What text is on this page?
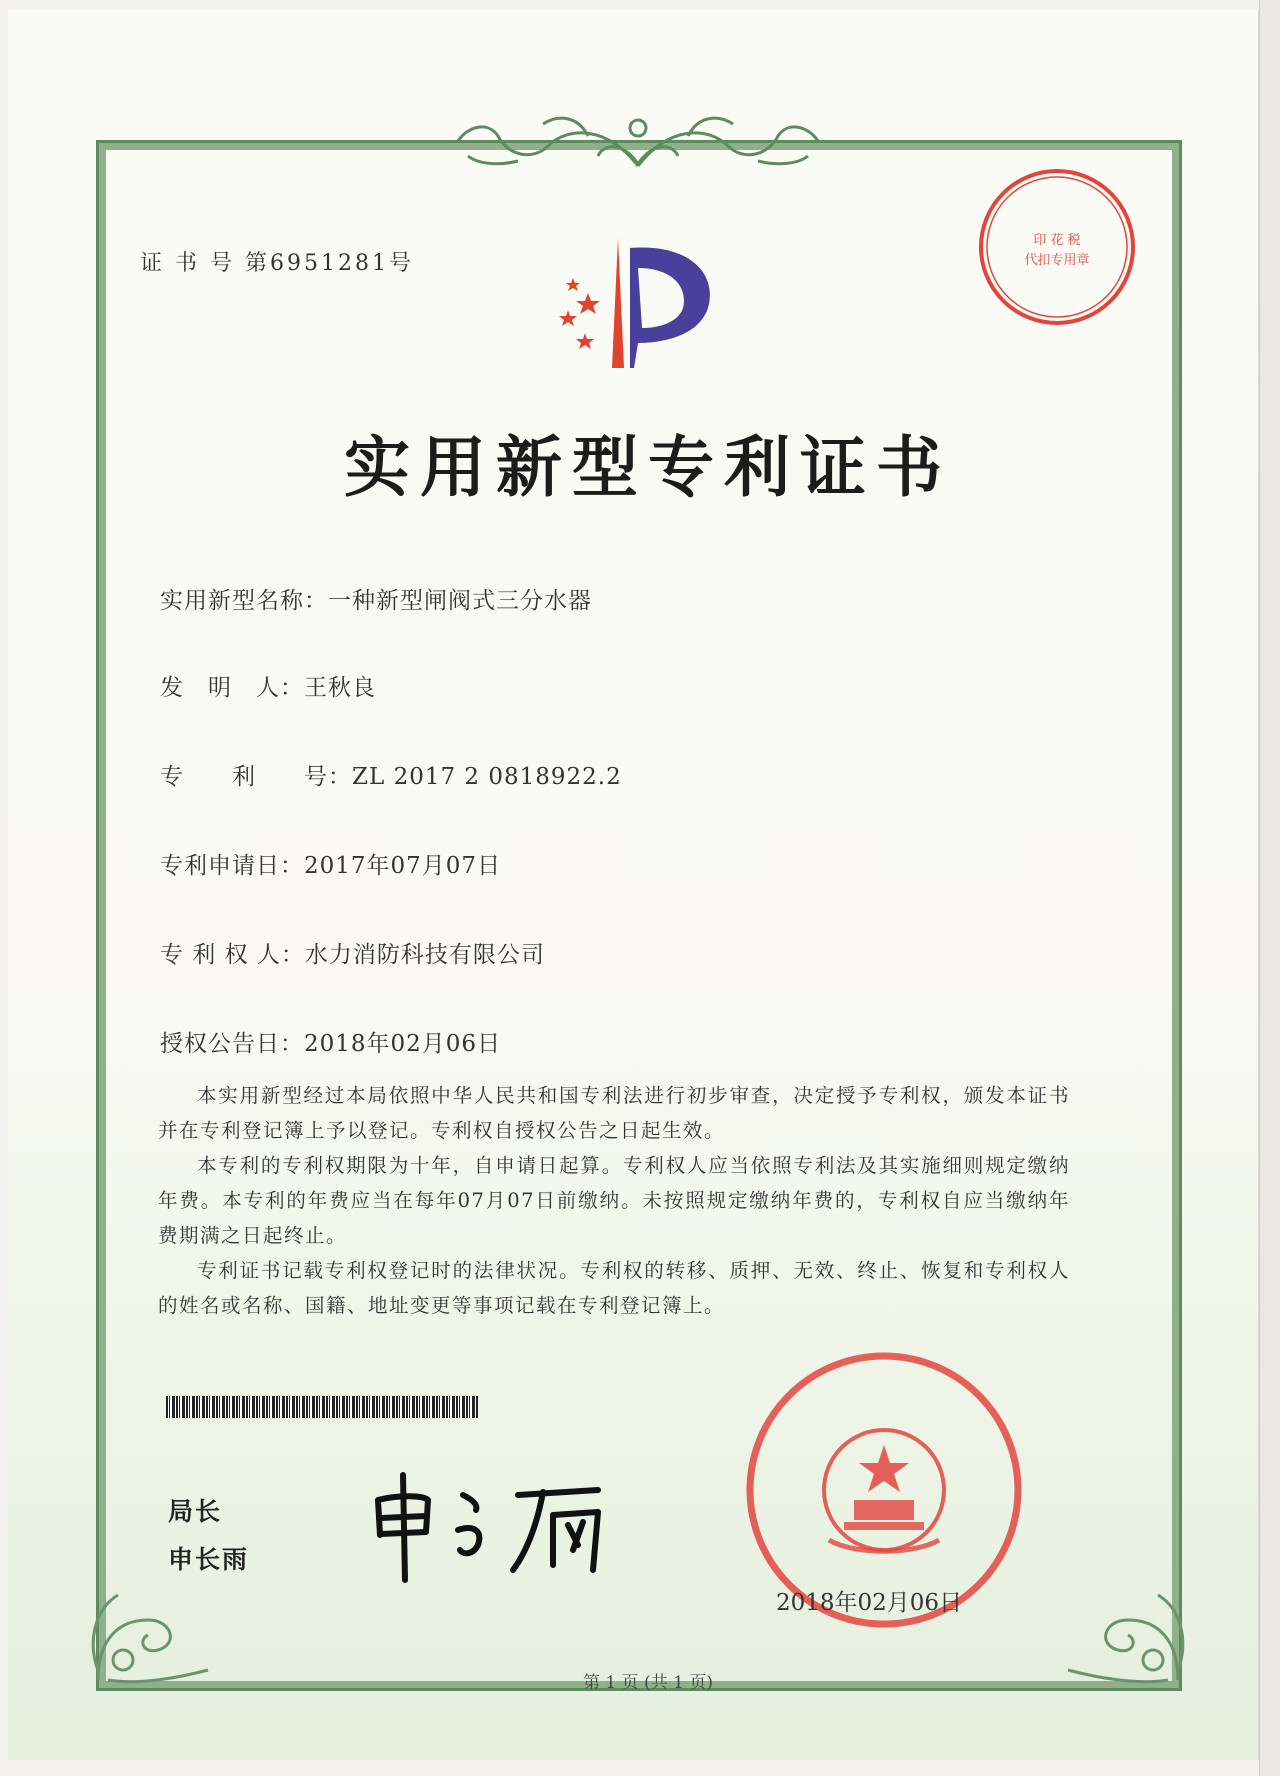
证 书 号 第6951281号
印 花 税
代扣专用章
实用新型专利证书
实用新型名称：一种新型闸阀式三分水器
发　明　人：王秋良
专　　利　　号：ZL 2017 2 0818922.2
专利申请日：2017年07月07日
专 利 权 人：水力消防科技有限公司
授权公告日：2018年02月06日

本实用新型经过本局依照中华人民共和国专利法进行初步审查，决定授予专利权，颁发本证书并在专利登记簿上予以登记。专利权自授权公告之日起生效。

本专利的专利权期限为十年，自申请日起算。专利权人应当依照专利法及其实施细则规定缴纳年费。本专利的年费应当在每年07月07日前缴纳。未按照规定缴纳年费的，专利权自应当缴纳年费期满之日起终止。

专利证书记载专利权登记时的法律状况。专利权的转移、质押、无效、终止、恢复和专利权人的姓名或名称、国籍、地址变更等事项记载在专利登记簿上。

局长
申长雨
2018年02月06日
第 1 页 (共 1 页)
